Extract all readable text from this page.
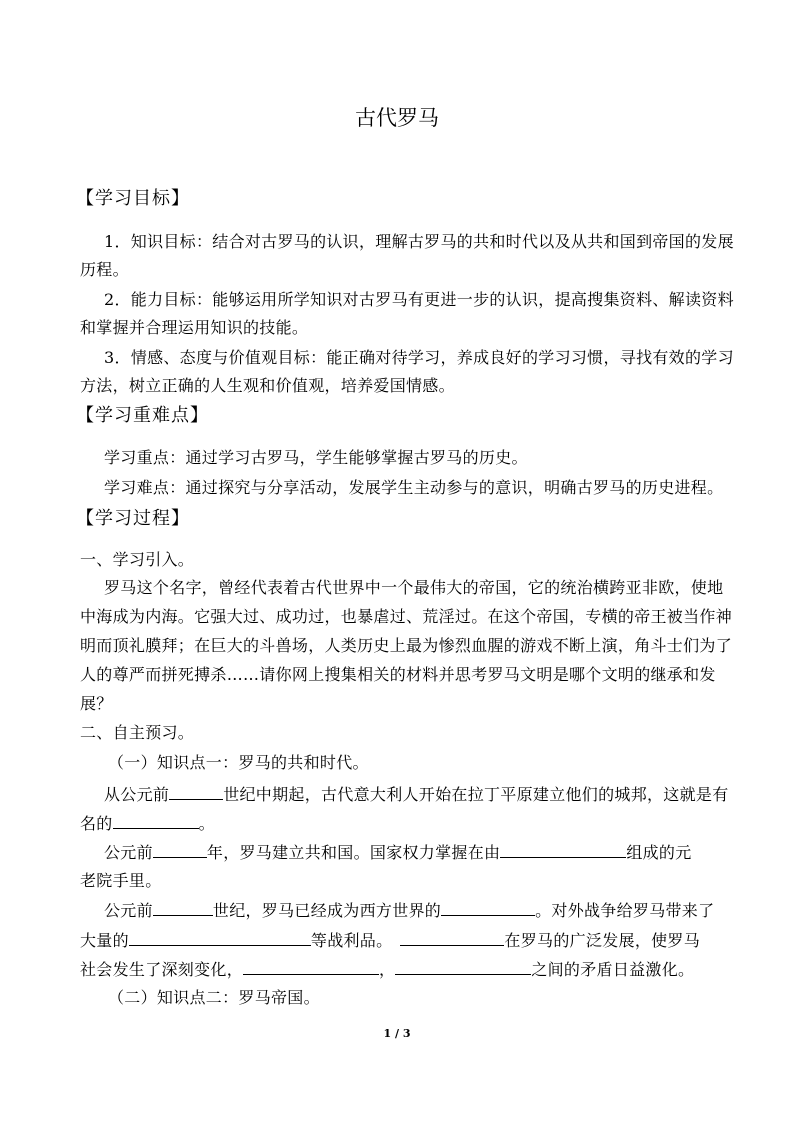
古代罗马
【学习目标】
1．知识目标：结合对古罗马的认识，理解古罗马的共和时代以及从共和国到帝国的发展
历程。
2．能力目标：能够运用所学知识对古罗马有更进一步的认识，提高搜集资料、解读资料
和掌握并合理运用知识的技能。
3．情感、态度与价值观目标：能正确对待学习，养成良好的学习习惯，寻找有效的学习
方法，树立正确的人生观和价值观，培养爱国情感。
【学习重难点】
学习重点：通过学习古罗马，学生能够掌握古罗马的历史。
学习难点：通过探究与分享活动，发展学生主动参与的意识，明确古罗马的历史进程。
【学习过程】
一、学习引入。
罗马这个名字，曾经代表着古代世界中一个最伟大的帝国，它的统治横跨亚非欧，使地
中海成为内海。它强大过、成功过，也暴虐过、荒淫过。在这个帝国，专横的帝王被当作神
明而顶礼膜拜；在巨大的斗兽场，人类历史上最为惨烈血腥的游戏不断上演，角斗士们为了
人的尊严而拼死搏杀……请你网上搜集相关的材料并思考罗马文明是哪个文明的继承和发
展？
二、自主预习。
（一）知识点一：罗马的共和时代。
从公元前	世纪中期起，古代意大利人开始在拉丁平原建立他们的城邦，这就是有
名的	。
公元前	年，罗马建立共和国。国家权力掌握在由	组成的元
老院手里。
公元前	世纪，罗马已经成为西方世界的	。对外战争给罗马带来了
大量的	等战利品。	在罗马的广泛发展，使罗马
社会发生了深刻变化，	，	之间的矛盾日益激化。
（二）知识点二：罗马帝国。
1 / 3
